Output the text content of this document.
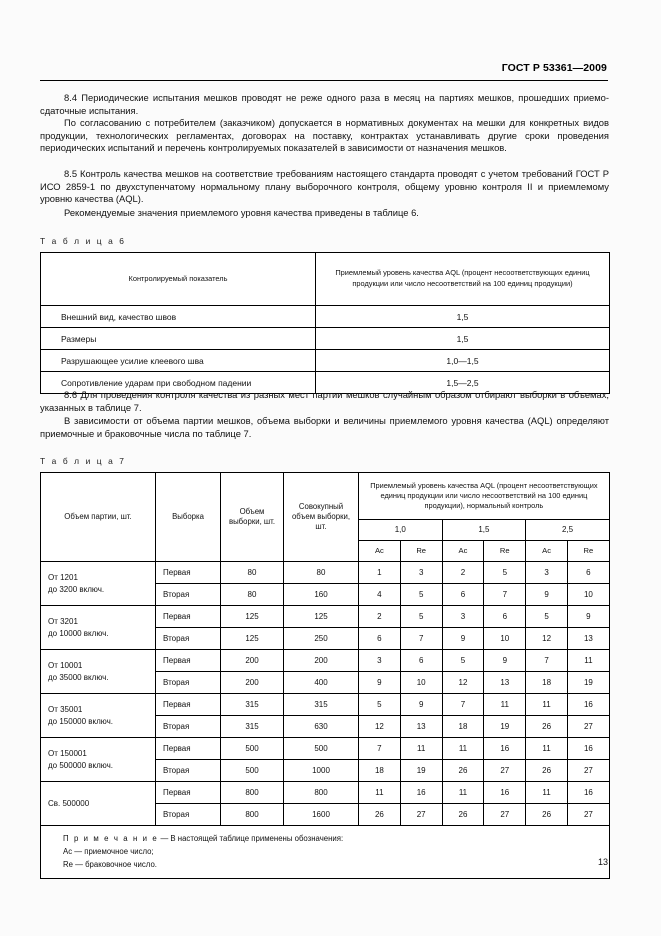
ГОСТ Р 53361—2009

8.4 Периодические испытания мешков проводят не реже одного раза в месяц на партиях мешков, прошедших приемо-сдаточные испытания.

По согласованию с потребителем (заказчиком) допускается в нормативных документах на мешки для конкретных видов продукции, технологических регламентах, договорах на поставку, контрактах устанавливать другие сроки проведения периодических испытаний и перечень контролируемых показателей в зависимости от назначения мешков.

8.5 Контроль качества мешков на соответствие требованиям настоящего стандарта проводят с учетом требований ГОСТ Р ИСО 2859-1 по двухступенчатому нормальному плану выборочного контроля, общему уровню контроля II и приемлемому уровню качества (AQL).

Рекомендуемые значения приемлемого уровня качества приведены в таблице 6.

Т а б л и ц а 6
Контролируемый показатель	Приемлемый уровень качества AQL (процент несоответствующих единиц продукции или число несоответствий на 100 единиц продукции)
Внешний вид, качество швов	1,5
Размеры	1,5
Разрушающее усилие клеевого шва	1,0—1,5
Сопротивление ударам при свободном падении	1,5—2,5

8.6 Для проведения контроля качества из разных мест партии мешков случайным образом отбирают выборки в объемах, указанных в таблице 7.

В зависимости от объема партии мешков, объема выборки и величины приемлемого уровня качества (AQL) определяют приемочные и браковочные числа по таблице 7.

Т а б л и ц а 7
Объем партии, шт.	Выборка	Объем выборки, шт.	Совокупный объем выборки, шт.	Приемлемый уровень качества AQL (процент несоответствующих единиц продукции или число несоответствий на 100 единиц продукции), нормальный контроль					
				1,0		1,5		2,5	
				Ac	Re	Ac	Re	Ac	Re
От 1201
до 3200 включ.	Первая	80	80	1	3	2	5	3	6
	Вторая	80	160	4	5	6	7	9	10
От 3201
до 10000 включ.	Первая	125	125	2	5	3	6	5	9
	Вторая	125	250	6	7	9	10	12	13
От 10001
до 35000 включ.	Первая	200	200	3	6	5	9	7	11
	Вторая	200	400	9	10	12	13	18	19
От 35001
до 150000 включ.	Первая	315	315	5	9	7	11	11	16
	Вторая	315	630	12	13	18	19	26	27
От 150001
до 500000 включ.	Первая	500	500	7	11	11	16	11	16
	Вторая	500	1000	18	19	26	27	26	27
Св. 500000	Первая	800	800	11	16	11	16	11	16
	Вторая	800	1600	26	27	26	27	26	27
П р и м е ч а н и е — В настоящей таблице применены обозначения:
Ac — приемочное число;
Re — браковочное число.										13
